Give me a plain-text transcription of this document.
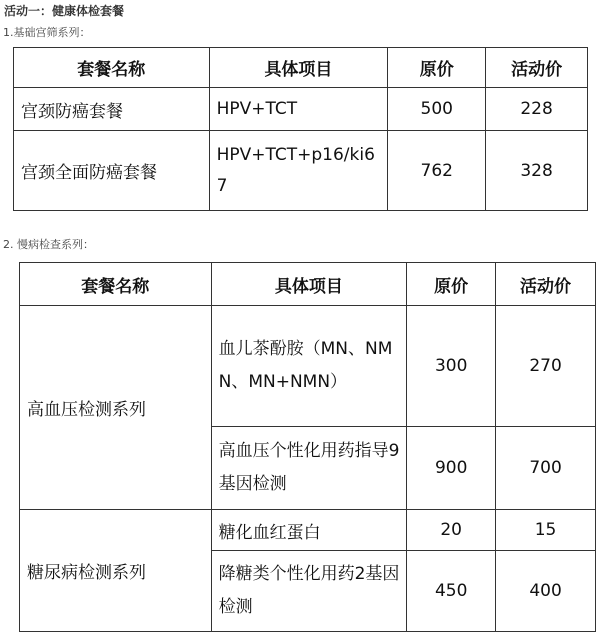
活动一：健康体检套餐
1.基础宫筛系列：
套餐名称	具体项目	原价	活动价
宫颈防癌套餐	HPV+TCT	500	228
宫颈全面防癌套餐	HPV+TCT+p16/ki67	762	328
2. 慢病检查系列：
套餐名称	具体项目	原价	活动价
高血压检测系列	血儿茶酚胺（MN、NMN、MN+NMN）	300	270
	高血压个性化用药指导9基因检测	900	700
糖尿病检测系列	糖化血红蛋白	20	15
	降糖类个性化用药2基因检测	450	400
